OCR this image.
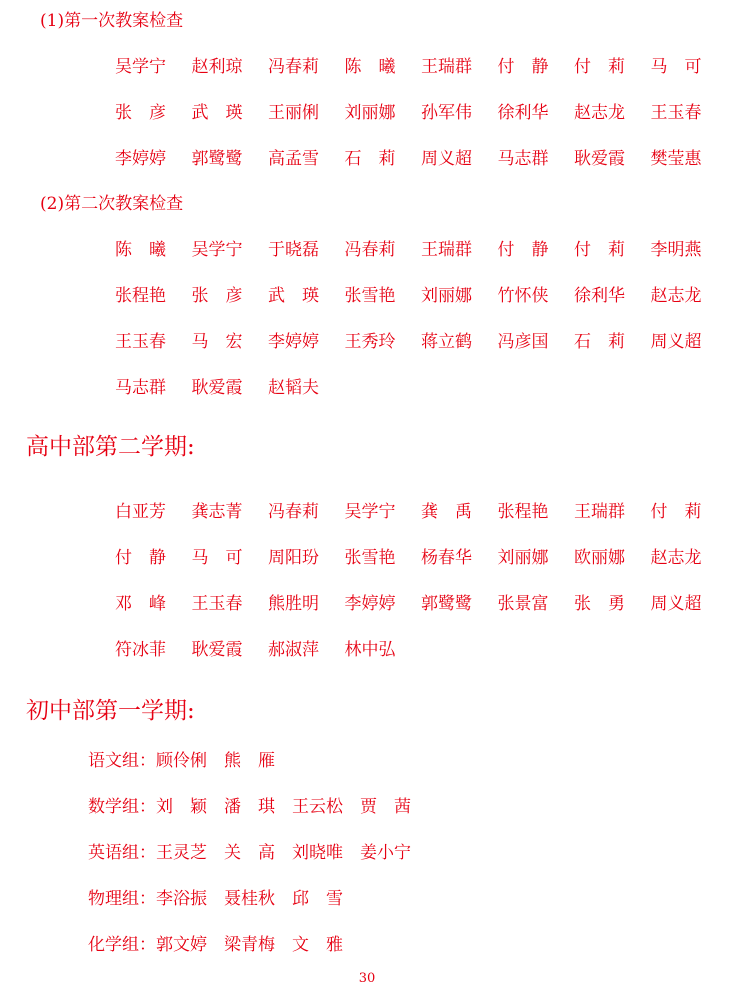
(1)第一次教案检查
吴学宁 赵利琼 冯春莉 陈　曦 王瑞群 付　静 付　莉 马　可
张　彦 武　瑛 王丽俐 刘丽娜 孙军伟 徐利华 赵志龙 王玉春
李婷婷 郭鹭鹭 高孟雪 石　莉 周义超 马志群 耿爱霞 樊莹惠
(2)第二次教案检查
陈　曦 吴学宁 于晓磊 冯春莉 王瑞群 付　静 付　莉 李明燕
张程艳 张　彦 武　瑛 张雪艳 刘丽娜 竹怀侠 徐利华 赵志龙
王玉春 马　宏 李婷婷 王秀玲 蒋立鹤 冯彦国 石　莉 周义超
马志群 耿爱霞 赵韬夫
高中部第二学期:
白亚芳 龚志菁 冯春莉 吴学宁 龚　禹 张程艳 王瑞群 付　莉
付　静 马　可 周阳玢 张雪艳 杨春华 刘丽娜 欧丽娜 赵志龙
邓　峰 王玉春 熊胜明 李婷婷 郭鹭鹭 张景富 张　勇 周义超
符冰菲 耿爱霞 郝淑萍 林中弘
初中部第一学期:
语文组：顾伶俐 熊　雁
数学组：刘　颖 潘　琪 王云松 贾　茜
英语组：王灵芝 关　高 刘晓唯 姜小宁
物理组：李浴振 聂桂秋 邱　雪
化学组：郭文婷 梁青梅 文　雅
30
